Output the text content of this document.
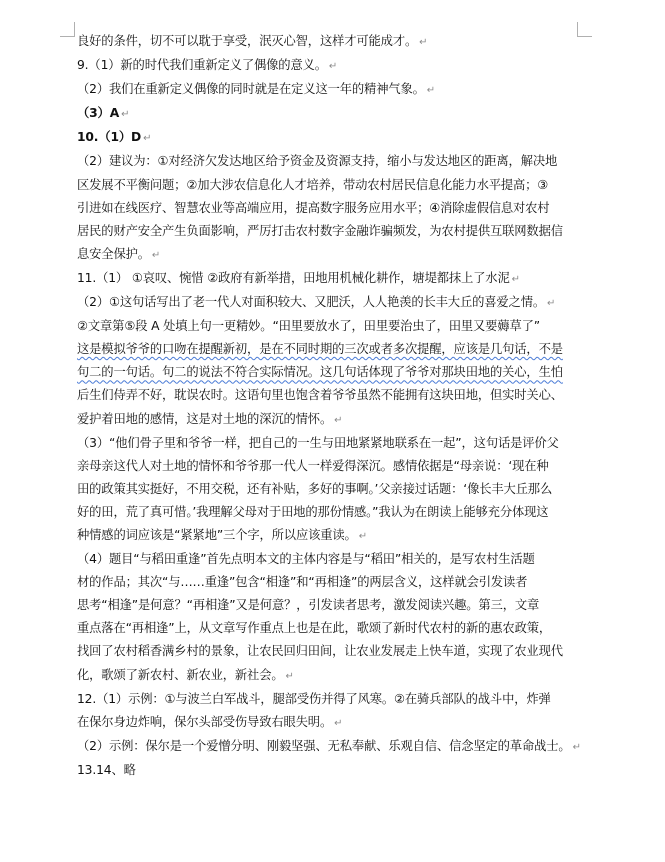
良好的条件，切不可以耽于享受，泯灭心智，这样才可能成才。 ↵
9.（1）新的时代我们重新定义了偶像的意义。 ↵
（2）我们在重新定义偶像的同时就是在定义这一年的精神气象。 ↵
（3）A ↵
10.（1）D ↵
（2）建议为：①对经济欠发达地区给予资金及资源支持，缩小与发达地区的距离，解决地
区发展不平衡问题；②加大涉农信息化人才培养，带动农村居民信息化能力水平提高；③
引进如在线医疗、智慧农业等高端应用，提高数字服务应用水平；④消除虚假信息对农村
居民的财产安全产生负面影响，严厉打击农村数字金融诈骗频发，为农村提供互联网数据信
息安全保护。 ↵
11.（1） ①哀叹、惋惜 ②政府有新举措，田地用机械化耕作，塘堤都抹上了水泥 ↵
（2）①这句话写出了老一代人对面积较大、又肥沃，人人艳羡的长丰大丘的喜爱之情。 ↵
②文章第⑤段 A 处填上句一更精妙。“田里要放水了，田里要治虫了，田里又要薅草了”
这是模拟爷爷的口吻在提醒新初，是在不同时期的三次或者多次提醒，应该是几句话，不是
句二的一句话。句二的说法不符合实际情况。这几句话体现了爷爷对那块田地的关心，生怕
后生们侍弄不好，耽误农时。这语句里也饱含着爷爷虽然不能拥有这块田地，但实时关心、
爱护着田地的感情，这是对土地的深沉的情怀。 ↵
（3）“他们骨子里和爷爷一样，把自己的一生与田地紧紧地联系在一起”，这句话是评价父
亲母亲这代人对土地的情怀和爷爷那一代人一样爱得深沉。感情依据是“母亲说：‘现在种
田的政策其实挺好，不用交税，还有补贴，多好的事啊。’父亲接过话题：‘像长丰大丘那么
好的田，荒了真可惜。’我理解父母对于田地的那份情感。”我认为在朗读上能够充分体现这
种情感的词应该是“紧紧地”三个字，所以应该重读。 ↵
（4）题目“与稻田重逢”首先点明本文的主体内容是与“稻田”相关的，是写农村生活题
材的作品；其次“与……重逢”包含“相逢”和“再相逢”的两层含义，这样就会引发读者
思考“相逢”是何意？“再相逢”又是何意？，引发读者思考，激发阅读兴趣。第三，文章
重点落在“再相逢”上，从文章写作重点上也是在此，歌颂了新时代农村的新的惠农政策，
找回了农村稻香满乡村的景象，让农民回归田间，让农业发展走上快车道，实现了农业现代
化，歌颂了新农村、新农业，新社会。 ↵
12.（1）示例：①与波兰白军战斗，腿部受伤并得了风寒。②在骑兵部队的战斗中，炸弹
在保尔身边炸响，保尔头部受伤导致右眼失明。 ↵
（2）示例：保尔是一个爱憎分明、刚毅坚强、无私奉献、乐观自信、信念坚定的革命战士。 ↵
13.14、略
